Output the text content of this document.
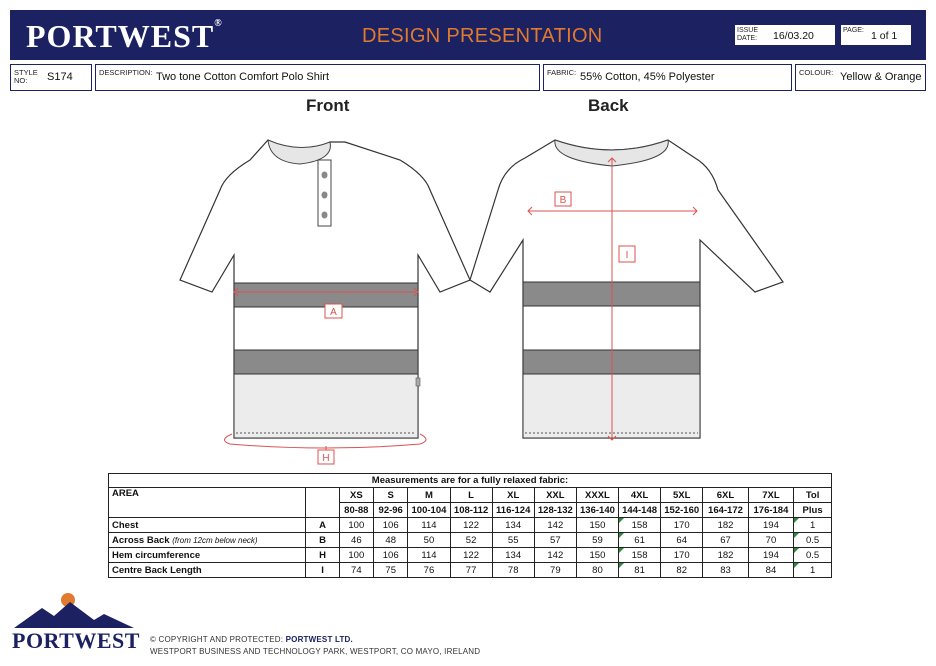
PORTWEST®
DESIGN PRESENTATION	ISSUE
DATE: 16/03.20	PAGE: 1 of 1
STYLE
NO:	S174	DESCRIPTION: Two tone Cotton Comfort Polo Shirt	FABRIC: 55% Cotton, 45% Polyester	COLOUR: Yellow & Orange
Front	Back
A
H
B
I
Measurements are for a fully relaxed fabric:													
AREA		XS	S	M	L	XL	XXL	XXXL	4XL	5XL	6XL	7XL	Tol
		80-88	92-96	100-104	108-112	116-124	128-132	136-140	144-148	152-160	164-172	176-184	Plus
Chest	A	100	106	114	122	134	142	150	158	170	182	194	1

Across Back (from 12cm below neck)	B	46	48	50	52	55	57	59	61	64	67	70	0.5

Hem circumference	H	100	106	114	122	134	142	150	158	170	182	194	0.5

Centre Back Length	I	74	75	76	77	78	79	80	81	82	83	84	1
PORTWEST © COPYRIGHT AND PROTECTED: PORTWEST LTD.
WESTPORT BUSINESS AND TECHNOLOGY PARK, WESTPORT, CO MAYO, IRELAND
